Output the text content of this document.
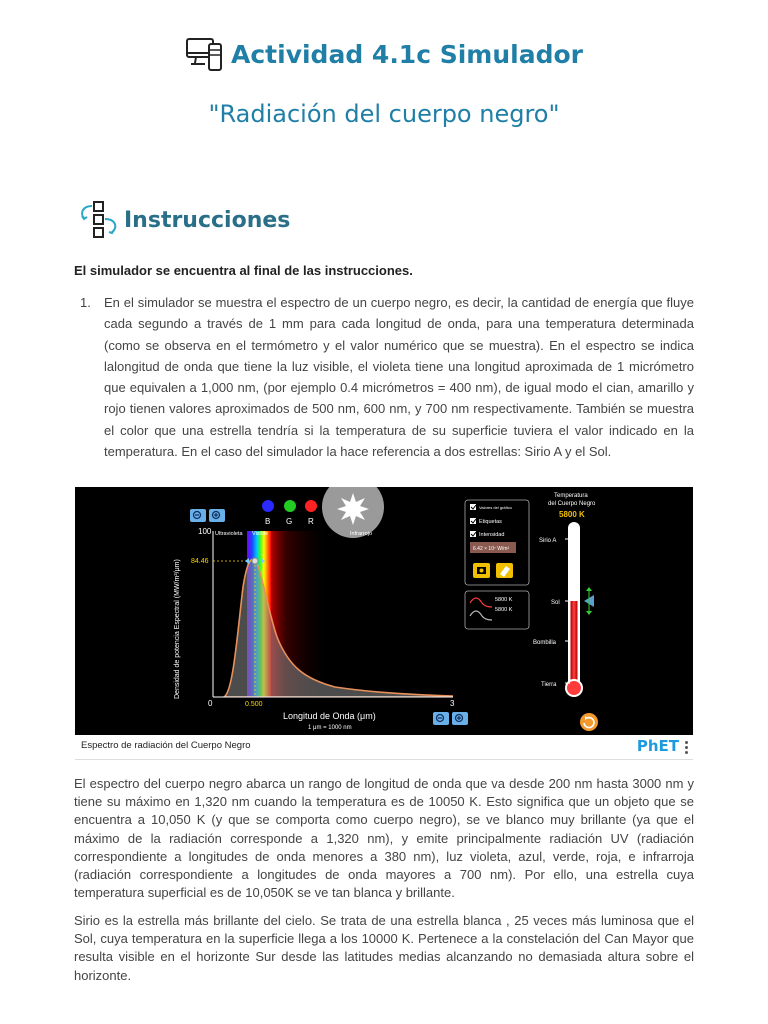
Actividad 4.1c Simulador
"Radiación del cuerpo negro"
Instrucciones
El simulador se encuentra al final de las instrucciones.
1. En el simulador se muestra el espectro de un cuerpo negro, es decir, la cantidad de energía que fluye cada segundo a través de 1 mm para cada longitud de onda, para una temperatura determinada (como se observa en el termómetro y el valor numérico que se muestra). En el espectro se indica lalongitud de onda que tiene la luz visible, el violeta tiene una longitud aproximada de 1 micrómetro que equivalen a 1,000 nm, (por ejemplo 0.4 micrómetros = 400 nm), de igual modo el cian, amarillo y rojo tienen valores aproximados de 500 nm, 600 nm, y 700 nm respectivamente. También se muestra el color que una estrella tendría si la temperatura de su superficie tuviera el valor indicado en la temperatura. En el caso del simulador la hace referencia a dos estrellas: Sirio A y el Sol.
B G R
Ultravioleta Visible	Infrarrojo
100
84.46
0	0.500	3
Densidad de potencia Espectral (MW/m²/μm)
Longitud de Onda (μm)
1 μm = 1000 nm
Valores del gráfico
Etiquetas
Intensidad
6.42 × 10⁷ W/m²
5800 K
5800 K
Temperatura
del Cuerpo Negro
5800 K
Sirio A
Sol
Bombilla
Tierra
Espectro de radiación del Cuerpo Negro	PhET
El espectro del cuerpo negro abarca un rango de longitud de onda que va desde 200 nm hasta 3000 nm y tiene su máximo en 1,320 nm cuando la temperatura es de 10050 K. Esto significa que un objeto que se encuentra a 10,050 K (y que se comporta como cuerpo negro), se ve blanco muy brillante (ya que el máximo de la radiación corresponde a 1,320 nm), y emite principalmente radiación UV (radiación correspondiente a longitudes de onda menores a 380 nm), luz violeta, azul, verde, roja, e infrarroja (radiación correspondiente a longitudes de onda mayores a 700 nm). Por ello, una estrella cuya temperatura superficial es de 10,050K se ve tan blanca y brillante.
Sirio es la estrella más brillante del cielo. Se trata de una estrella blanca , 25 veces más luminosa que el Sol, cuya temperatura en la superficie llega a los 10000 K. Pertenece a la constelación del Can Mayor que resulta visible en el horizonte Sur desde las latitudes medias alcanzando no demasiada altura sobre el horizonte.
